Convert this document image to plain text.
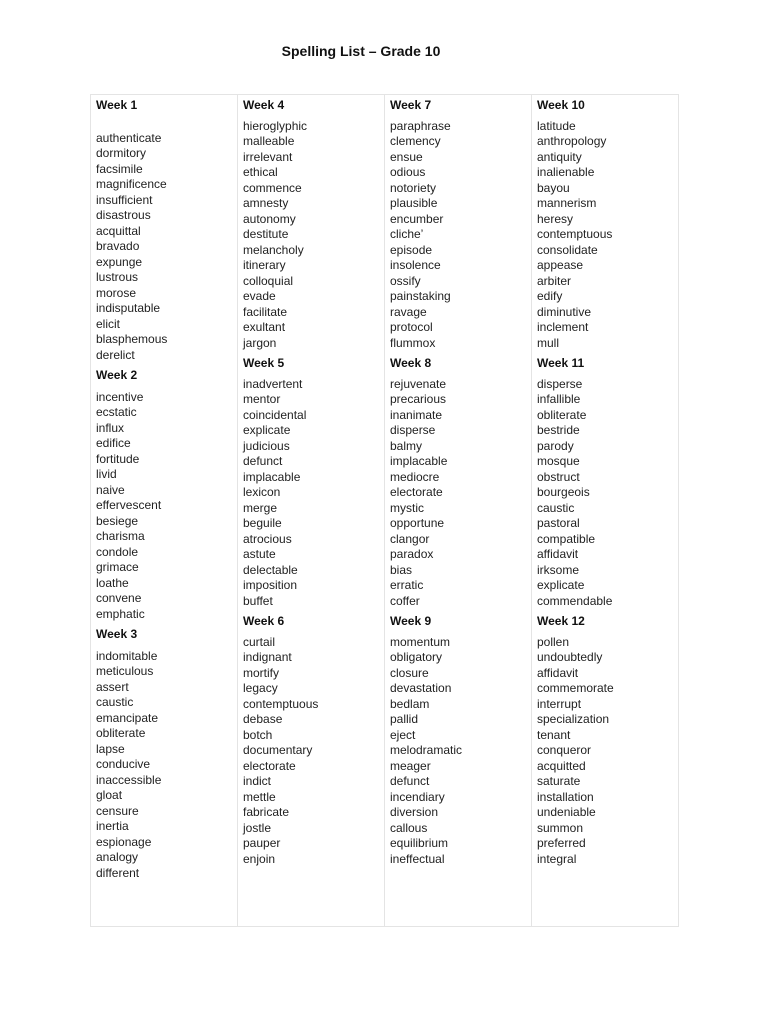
Spelling List – Grade 10
Week 1
authenticate
dormitory
facsimile
magnificence
insufficient
disastrous
acquittal
bravado
expunge
lustrous
morose
indisputable
elicit
blasphemous
derelict
Week 2
incentive
ecstatic
influx
edifice
fortitude
livid
naive
effervescent
besiege
charisma
condole
grimace
loathe
convene
emphatic
Week 3
indomitable
meticulous
assert
caustic
emancipate
obliterate
lapse
conducive
inaccessible
gloat
censure
inertia
espionage
analogy
different
Week 4
hieroglyphic
malleable
irrelevant
ethical
commence
amnesty
autonomy
destitute
melancholy
itinerary
colloquial
evade
facilitate
exultant
jargon
Week 5
inadvertent
mentor
coincidental
explicate
judicious
defunct
implacable
lexicon
merge
beguile
atrocious
astute
delectable
imposition
buffet
Week 6
curtail
indignant
mortify
legacy
contemptuous
debase
botch
documentary
electorate
indict
mettle
fabricate
jostle
pauper
enjoin
Week 7
paraphrase
clemency
ensue
odious
notoriety
plausible
encumber
cliche’
episode
insolence
ossify
painstaking
ravage
protocol
flummox
Week 8
rejuvenate
precarious
inanimate
disperse
balmy
implacable
mediocre
electorate
mystic
opportune
clangor
paradox
bias
erratic
coffer
Week 9
momentum
obligatory
closure
devastation
bedlam
pallid
eject
melodramatic
meager
defunct
incendiary
diversion
callous
equilibrium
ineffectual
Week 10
latitude
anthropology
antiquity
inalienable
bayou
mannerism
heresy
contemptuous
consolidate
appease
arbiter
edify
diminutive
inclement
mull
Week 11
disperse
infallible
obliterate
bestride
parody
mosque
obstruct
bourgeois
caustic
pastoral
compatible
affidavit
irksome
explicate
commendable
Week 12
pollen
undoubtedly
affidavit
commemorate
interrupt
specialization
tenant
conqueror
acquitted
saturate
installation
undeniable
summon
preferred
integral
